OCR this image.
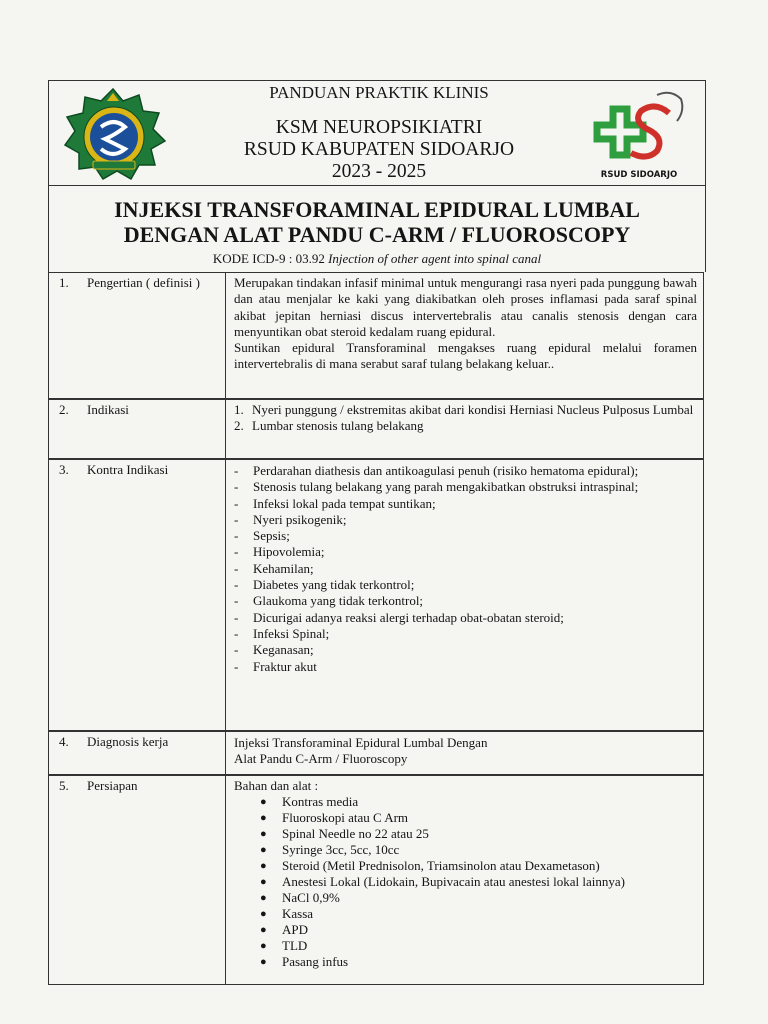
PANDUAN PRAKTIK KLINIS
KSM NEUROPSIKIATRI
RSUD KABUPATEN SIDOARJO
2023 - 2025	RSUD SIDOARJO
INJEKSI TRANSFORAMINAL EPIDURAL LUMBAL
DENGAN ALAT PANDU C-ARM / FLUOROSCOPY
KODE ICD-9 : 03.92 Injection of other agent into spinal canal
1. Pengertian ( definisi )	Merupakan tindakan infasif minimal untuk mengurangi rasa nyeri pada punggung bawah dan atau menjalar ke kaki yang diakibatkan oleh proses inflamasi pada saraf spinal akibat jepitan herniasi discus intervertebralis atau canalis stenosis dengan cara menyuntikan obat steroid kedalam ruang epidural.
Suntikan epidural Transforaminal mengakses ruang epidural melalui foramen intervertebralis di mana serabut saraf tulang belakang keluar..
2. Indikasi	1. Nyeri punggung / ekstremitas akibat dari kondisi Herniasi Nucleus Pulposus Lumbal
2. Lumbar stenosis tulang belakang
3. Kontra Indikasi	- Perdarahan diathesis dan antikoagulasi penuh (risiko hematoma epidural);
- Stenosis tulang belakang yang parah mengakibatkan obstruksi intraspinal;
- Infeksi lokal pada tempat suntikan;
- Nyeri psikogenik;
- Sepsis;
- Hipovolemia;
- Kehamilan;
- Diabetes yang tidak terkontrol;
- Glaukoma yang tidak terkontrol;
- Dicurigai adanya reaksi alergi terhadap obat-obatan steroid;
- Infeksi Spinal;
- Keganasan;
- Fraktur akut
4. Diagnosis kerja	Injeksi Transforaminal Epidural Lumbal Dengan Alat Pandu C-Arm / Fluoroscopy
5. Persiapan	Bahan dan alat :
● Kontras media
● Fluoroskopi atau C Arm
● Spinal Needle no 22 atau 25
● Syringe 3cc, 5cc, 10cc
● Steroid (Metil Prednisolon, Triamsinolon atau Dexametason)
● Anestesi Lokal (Lidokain, Bupivacain atau anestesi lokal lainnya)
● NaCl 0,9%
● Kassa
● APD
● TLD
● Pasang infus
